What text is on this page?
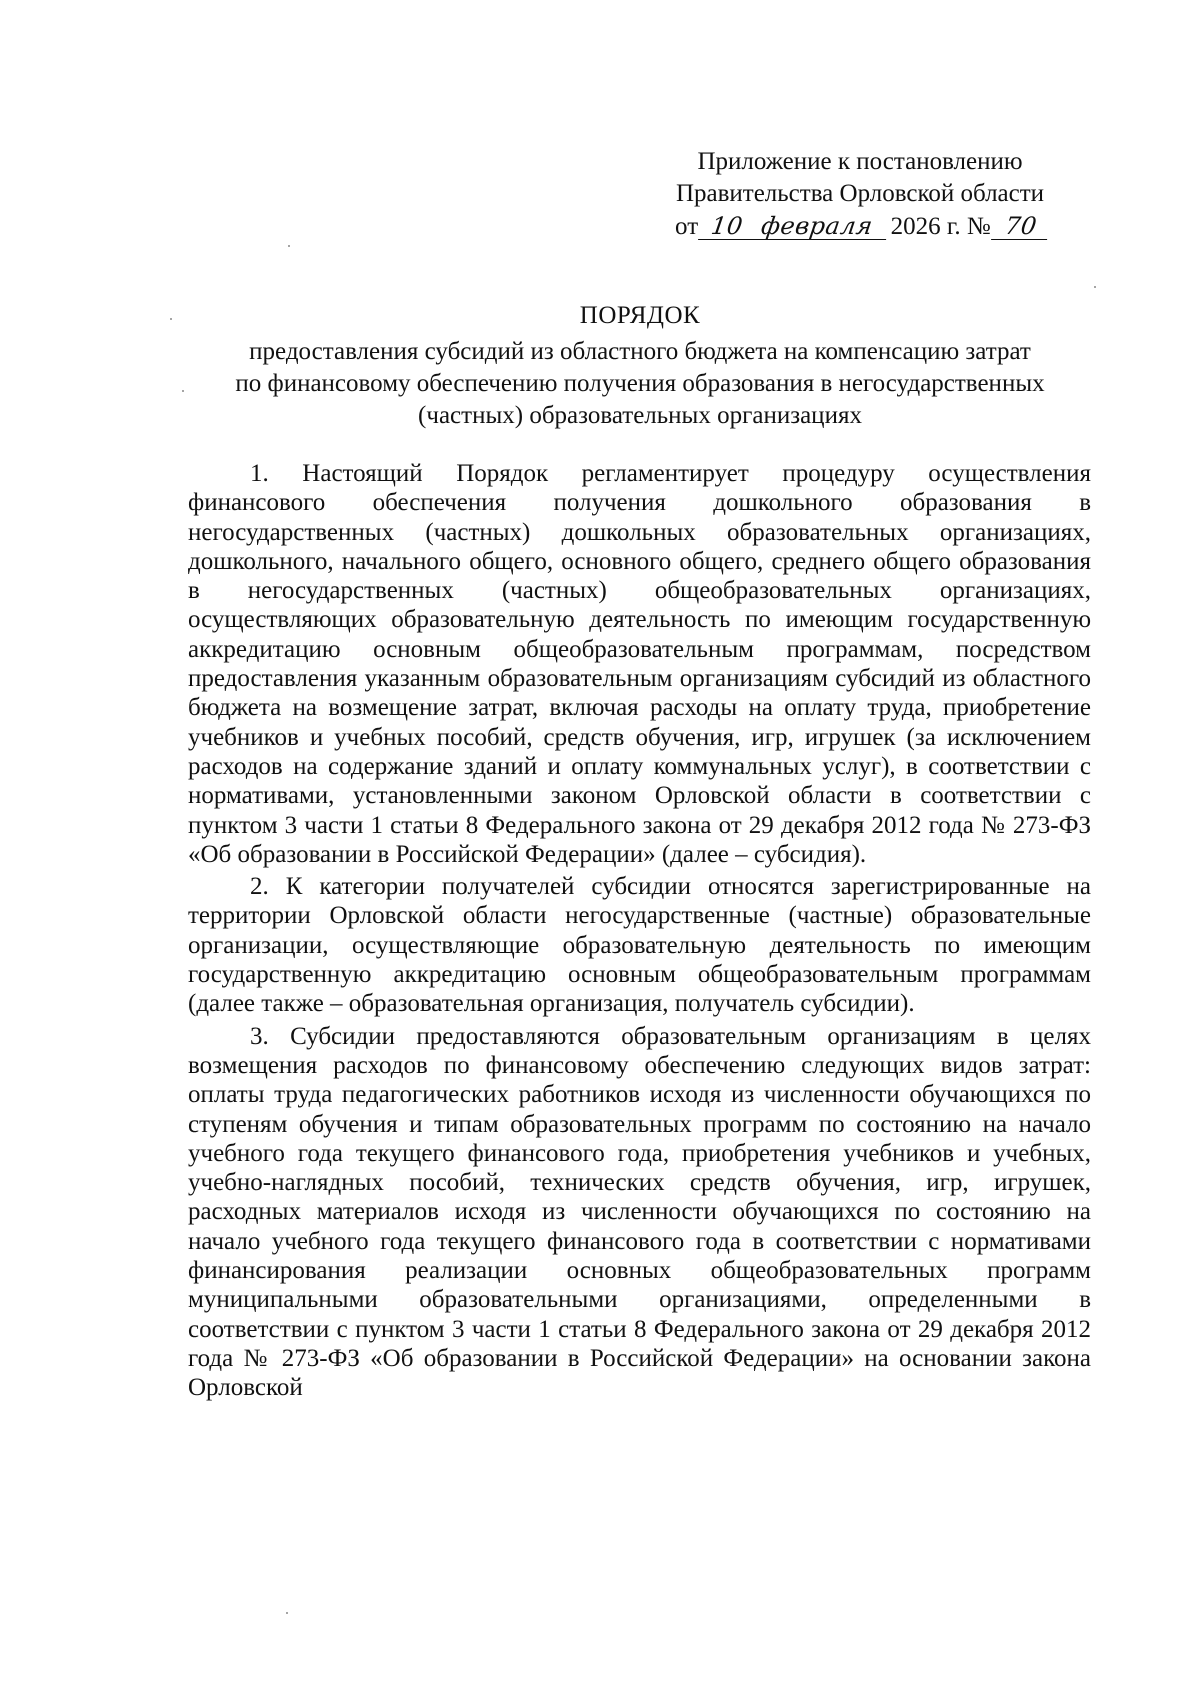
Приложение к постановлению
Правительства Орловской области
от 10 февраля 2026 г. № 70
ПОРЯДОК
предоставления субсидий из областного бюджета на компенсацию затрат
по финансовому обеспечению получения образования в негосударственных
(частных) образовательных организациях

1. Настоящий Порядок регламентирует процедуру осуществления финансового обеспечения получения дошкольного образования в негосударственных (частных) дошкольных образовательных организациях, дошкольного, начального общего, основного общего, среднего общего образования в негосударственных (частных) общеобразовательных организациях, осуществляющих образовательную деятельность по имеющим государственную аккредитацию основным общеобразовательным программам, посредством предоставления указанным образовательным организациям субсидий из областного бюджета на возмещение затрат, включая расходы на оплату труда, приобретение учебников и учебных пособий, средств обучения, игр, игрушек (за исключением расходов на содержание зданий и оплату коммунальных услуг), в соответствии с нормативами, установленными законом Орловской области в соответствии с пунктом 3 части 1 статьи 8 Федерального закона от 29 декабря 2012 года № 273-ФЗ «Об образовании в Российской Федерации» (далее – субсидия).

2. К категории получателей субсидии относятся зарегистрированные на территории Орловской области негосударственные (частные) образовательные организации, осуществляющие образовательную деятельность по имеющим государственную аккредитацию основным общеобразовательным программам (далее также – образовательная организация, получатель субсидии).

3. Субсидии предоставляются образовательным организациям в целях возмещения расходов по финансовому обеспечению следующих видов затрат: оплаты труда педагогических работников исходя из численности обучающихся по ступеням обучения и типам образовательных программ по состоянию на начало учебного года текущего финансового года, приобретения учебников и учебных, учебно-наглядных пособий, технических средств обучения, игр, игрушек, расходных материалов исходя из численности обучающихся по состоянию на начало учебного года текущего финансового года в соответствии с нормативами финансирования реализации основных общеобразовательных программ муниципальными образовательными организациями, определенными в соответствии с пунктом 3 части 1 статьи 8 Федерального закона от 29 декабря 2012 года № 273-ФЗ «Об образовании в Российской Федерации» на основании закона Орловской
